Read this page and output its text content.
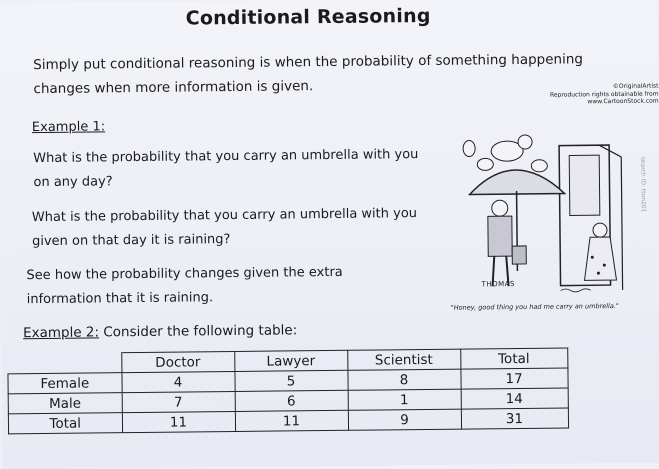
Conditional Reasoning
Simply put conditional reasoning is when the probability of something happening changes when more information is given.
Example 1:
What is the probability that you carry an umbrella with you on any day?
What is the probability that you carry an umbrella with you given on that day it is raining?
See how the probability changes given the extra information that it is raining.
Example 2: Consider the following table:
©OriginalArtist
Reproduction rights obtainable from
www.CartoonStock.com
THOMAS
"Honey, good thing you had me carry an umbrella."
search ID: tton201
	Doctor	Lawyer	Scientist	Total
Female	4	5	8	17
Male	7	6	1	14
Total	11	11	9	31
